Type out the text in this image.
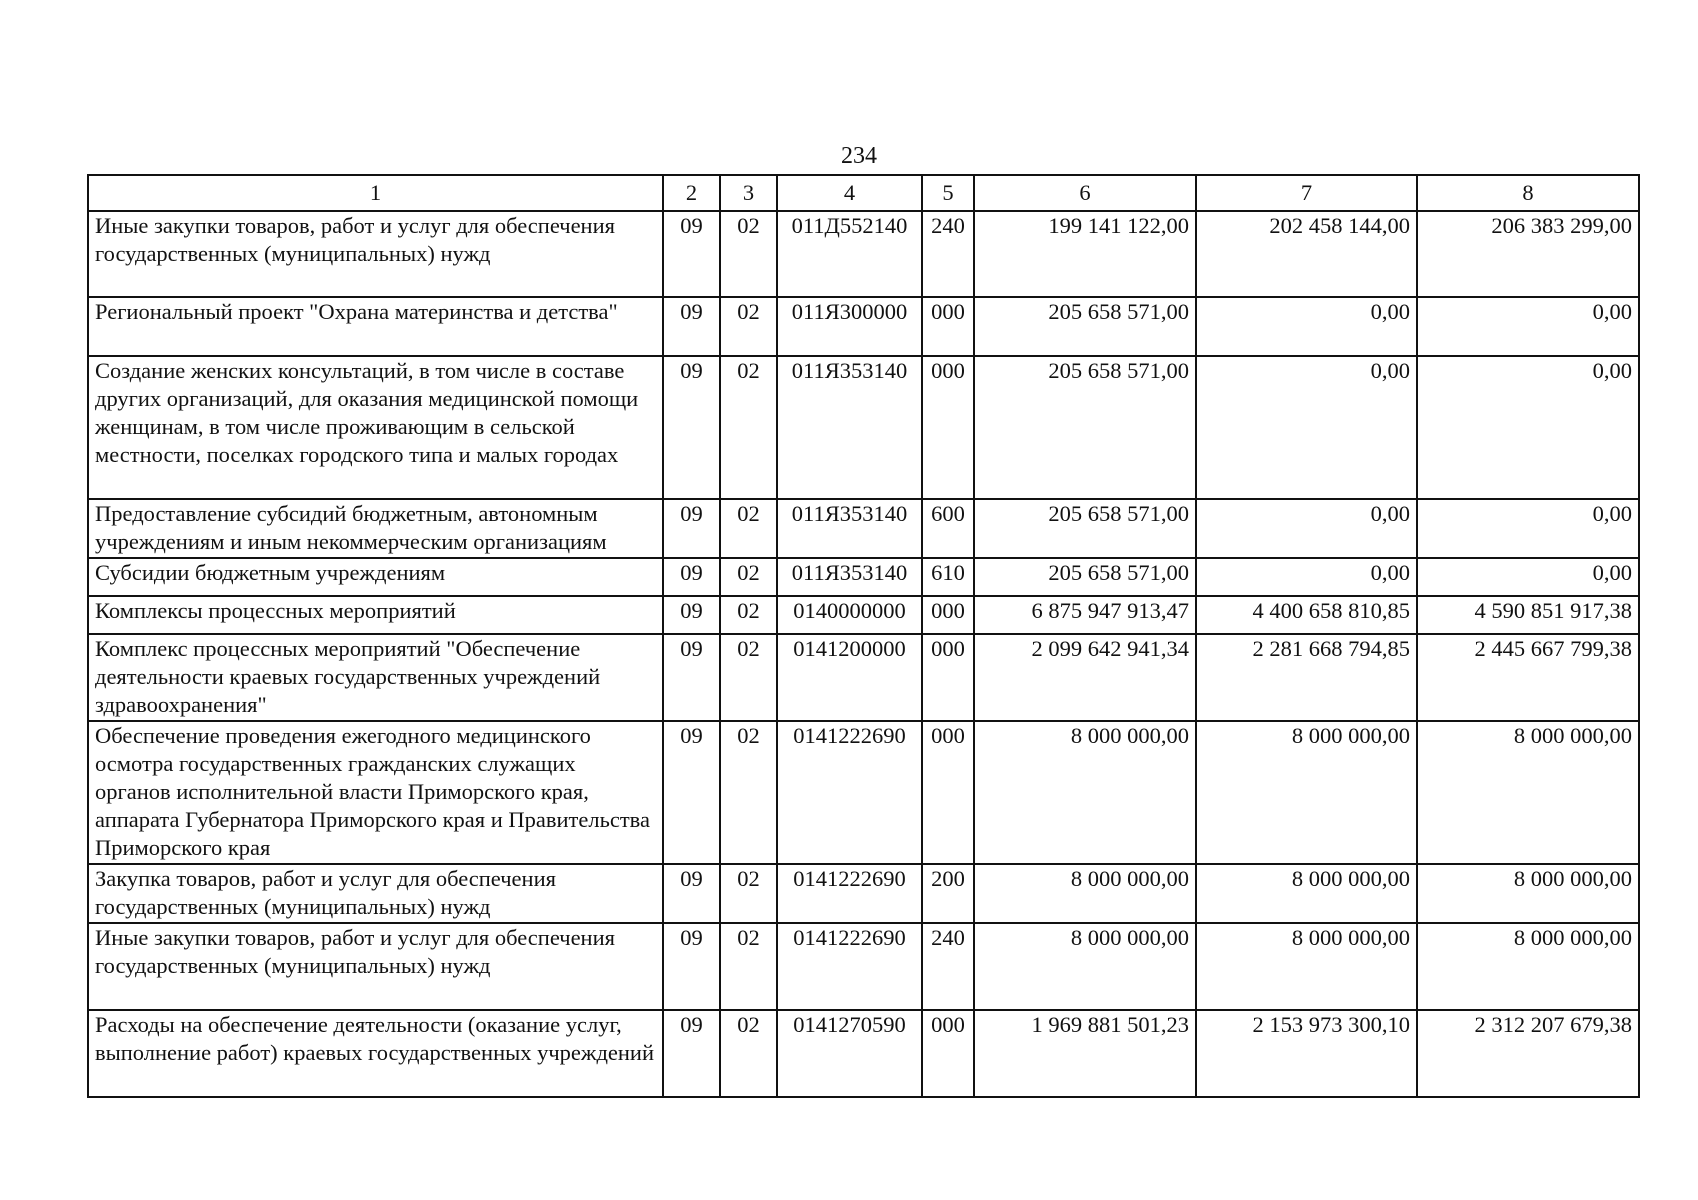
234
1	2	3	4	5	6	7	8
Иные закупки товаров, работ и услуг для обеспечения государственных (муниципальных) нужд	09	02	011Д552140	240	199 141 122,00	202 458 144,00	206 383 299,00
Региональный проект "Охрана материнства и детства"	09	02	011Я300000	000	205 658 571,00	0,00	0,00
Создание женских консультаций, в том числе в составе других организаций, для оказания медицинской помощи женщинам, в том числе проживающим в сельской местности, поселках городского типа и малых городах	09	02	011Я353140	000	205 658 571,00	0,00	0,00
Предоставление субсидий бюджетным, автономным учреждениям и иным некоммерческим организациям	09	02	011Я353140	600	205 658 571,00	0,00	0,00
Субсидии бюджетным учреждениям	09	02	011Я353140	610	205 658 571,00	0,00	0,00
Комплексы процессных мероприятий	09	02	0140000000	000	6 875 947 913,47	4 400 658 810,85	4 590 851 917,38
Комплекс процессных мероприятий "Обеспечение деятельности краевых государственных учреждений здравоохранения"	09	02	0141200000	000	2 099 642 941,34	2 281 668 794,85	2 445 667 799,38
Обеспечение проведения ежегодного медицинского осмотра государственных гражданских служащих органов исполнительной власти Приморского края, аппарата Губернатора Приморского края и Правительства Приморского края	09	02	0141222690	000	8 000 000,00	8 000 000,00	8 000 000,00
Закупка товаров, работ и услуг для обеспечения государственных (муниципальных) нужд	09	02	0141222690	200	8 000 000,00	8 000 000,00	8 000 000,00
Иные закупки товаров, работ и услуг для обеспечения государственных (муниципальных) нужд	09	02	0141222690	240	8 000 000,00	8 000 000,00	8 000 000,00
Расходы на обеспечение деятельности (оказание услуг, выполнение работ) краевых государственных учреждений	09	02	0141270590	000	1 969 881 501,23	2 153 973 300,10	2 312 207 679,38
